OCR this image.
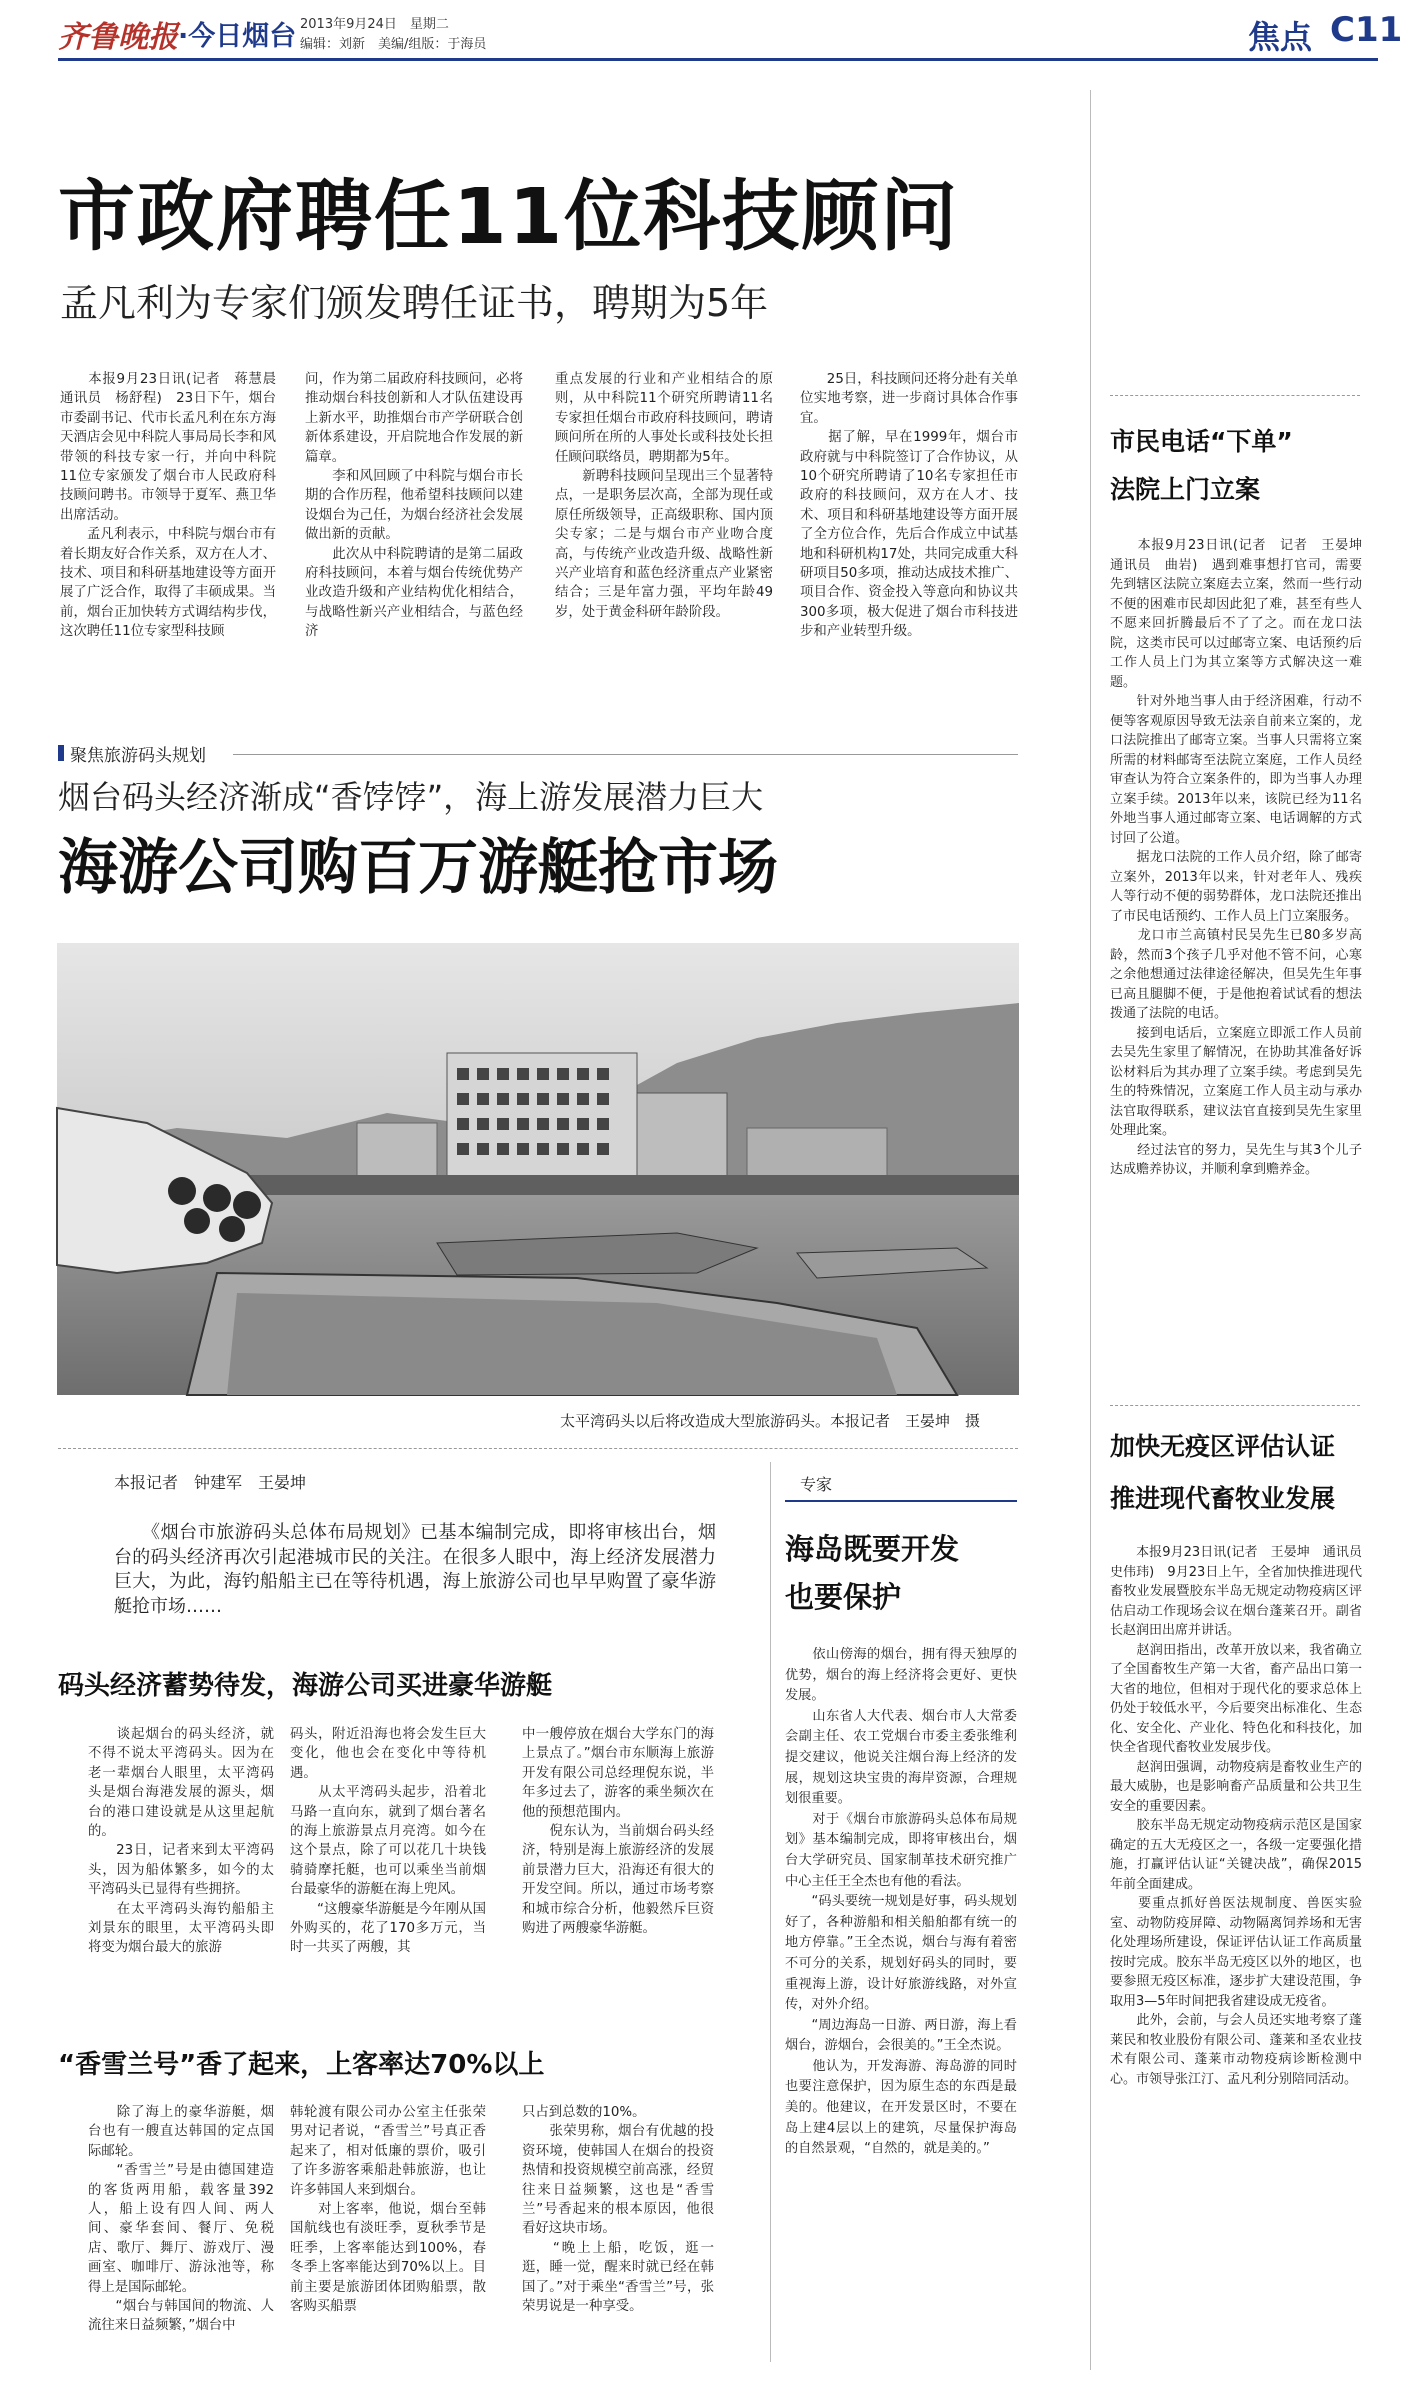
齐鲁晚报 ·今日烟台 2013年9月24日　星期二
编辑：刘新　美编/组版：于海员	焦点 C11
市政府聘任11位科技顾问
孟凡利为专家们颁发聘任证书，聘期为5年
　　本报9月23日讯(记者　蒋慧晨　通讯员　杨舒程)　23日下午，烟台市委副书记、代市长孟凡利在东方海天酒店会见中科院人事局局长李和风带领的科技专家一行，并向中科院11位专家颁发了烟台市人民政府科技顾问聘书。市领导于夏军、燕卫华出席活动。
　　孟凡利表示，中科院与烟台市有着长期友好合作关系，双方在人才、技术、项目和科研基地建设等方面开展了广泛合作，取得了丰硕成果。当前，烟台正加快转方式调结构步伐，这次聘任11位专家型科技顾
问，作为第二届政府科技顾问，必将推动烟台科技创新和人才队伍建设再上新水平，助推烟台市产学研联合创新体系建设，开启院地合作发展的新篇章。
　　李和风回顾了中科院与烟台市长期的合作历程，他希望科技顾问以建设烟台为己任，为烟台经济社会发展做出新的贡献。
　　此次从中科院聘请的是第二届政府科技顾问，本着与烟台传统优势产业改造升级和产业结构优化相结合，与战略性新兴产业相结合，与蓝色经济
重点发展的行业和产业相结合的原则，从中科院11个研究所聘请11名专家担任烟台市政府科技顾问，聘请顾问所在所的人事处长或科技处长担任顾问联络员，聘期都为5年。
　　新聘科技顾问呈现出三个显著特点，一是职务层次高，全部为现任或原任所级领导，正高级职称、国内顶尖专家；二是与烟台市产业吻合度高，与传统产业改造升级、战略性新兴产业培育和蓝色经济重点产业紧密结合；三是年富力强，平均年龄49岁，处于黄金科研年龄阶段。
　　25日，科技顾问还将分赴有关单位实地考察，进一步商讨具体合作事宜。
　　据了解，早在1999年，烟台市政府就与中科院签订了合作协议，从10个研究所聘请了10名专家担任市政府的科技顾问，双方在人才、技术、项目和科研基地建设等方面开展了全方位合作，先后合作成立中试基地和科研机构17处，共同完成重大科研项目50多项，推动达成技术推广、项目合作、资金投入等意向和协议共300多项，极大促进了烟台市科技进步和产业转型升级。
聚焦旅游码头规划
烟台码头经济渐成“香饽饽”，海上游发展潜力巨大
海游公司购百万游艇抢市场
太平湾码头以后将改造成大型旅游码头。本报记者　王晏坤　摄
本报记者　钟建军　王晏坤
　　《烟台市旅游码头总体布局规划》已基本编制完成，即将审核出台，烟台的码头经济再次引起港城市民的关注。在很多人眼中，海上经济发展潜力巨大，为此，海钓船船主已在等待机遇，海上旅游公司也早早购置了豪华游艇抢市场……
码头经济蓄势待发，海游公司买进豪华游艇
　　谈起烟台的码头经济，就不得不说太平湾码头。因为在老一辈烟台人眼里，太平湾码头是烟台海港发展的源头，烟台的港口建设就是从这里起航的。
　　23日，记者来到太平湾码头，因为船体繁多，如今的太平湾码头已显得有些拥挤。
　　在太平湾码头海钓船船主刘景东的眼里，太平湾码头即将变为烟台最大的旅游
码头，附近沿海也将会发生巨大变化，他也会在变化中等待机遇。
　　从太平湾码头起步，沿着北马路一直向东，就到了烟台著名的海上旅游景点月亮湾。如今在这个景点，除了可以花几十块钱骑骑摩托艇，也可以乘坐当前烟台最豪华的游艇在海上兜风。
　　“这艘豪华游艇是今年刚从国外购买的，花了170多万元，当时一共买了两艘，其
中一艘停放在烟台大学东门的海上景点了。”烟台市东顺海上旅游开发有限公司总经理倪东说，半年多过去了，游客的乘坐频次在他的预想范围内。
　　倪东认为，当前烟台码头经济，特别是海上旅游经济的发展前景潜力巨大，沿海还有很大的开发空间。所以，通过市场考察和城市综合分析，他毅然斥巨资购进了两艘豪华游艇。
“香雪兰号”香了起来，上客率达70%以上
　　除了海上的豪华游艇，烟台也有一艘直达韩国的定点国际邮轮。
　　“香雪兰”号是由德国建造的客货两用船，载客量392人，船上设有四人间、两人间、豪华套间、餐厅、免税店、歌厅、舞厅、游戏厅、漫画室、咖啡厅、游泳池等，称得上是国际邮轮。
　　“烟台与韩国间的物流、人流往来日益频繁，”烟台中
韩轮渡有限公司办公室主任张荣男对记者说，“香雪兰”号真正香起来了，相对低廉的票价，吸引了许多游客乘船赴韩旅游，也让许多韩国人来到烟台。
　　对上客率，他说，烟台至韩国航线也有淡旺季，夏秋季节是旺季，上客率能达到100%，春冬季上客率能达到70%以上。目前主要是旅游团体团购船票，散客购买船票
只占到总数的10%。
　　张荣男称，烟台有优越的投资环境，使韩国人在烟台的投资热情和投资规模空前高涨，经贸往来日益频繁，这也是“香雪兰”号香起来的根本原因，他很看好这块市场。
　　“晚上上船，吃饭，逛一逛，睡一觉，醒来时就已经在韩国了。”对于乘坐“香雪兰”号，张荣男说是一种享受。
专家
海岛既要开发
也要保护
　　依山傍海的烟台，拥有得天独厚的优势，烟台的海上经济将会更好、更快发展。
　　山东省人大代表、烟台市人大常委会副主任、农工党烟台市委主委张维利提交建议，他说关注烟台海上经济的发展，规划这块宝贵的海岸资源，合理规划很重要。
　　对于《烟台市旅游码头总体布局规划》基本编制完成，即将审核出台，烟台大学研究员、国家制革技术研究推广中心主任王全杰也有他的看法。
　　“码头要统一规划是好事，码头规划好了，各种游船和相关船舶都有统一的地方停靠。”王全杰说，烟台与海有着密不可分的关系，规划好码头的同时，要重视海上游，设计好旅游线路，对外宣传，对外介绍。
　　“周边海岛一日游、两日游，海上看烟台，游烟台，会很美的。”王全杰说。
　　他认为，开发海游、海岛游的同时也要注意保护，因为原生态的东西是最美的。他建议，在开发景区时，不要在岛上建4层以上的建筑，尽量保护海岛的自然景观，“自然的，就是美的。”
市民电话“下单”
法院上门立案
　　本报9月23日讯(记者　记者　王晏坤　通讯员　曲岩)　遇到难事想打官司，需要先到辖区法院立案庭去立案，然而一些行动不便的困难市民却因此犯了难，甚至有些人不愿来回折腾最后不了了之。而在龙口法院，这类市民可以过邮寄立案、电话预约后工作人员上门为其立案等方式解决这一难题。
　　针对外地当事人由于经济困难，行动不便等客观原因导致无法亲自前来立案的，龙口法院推出了邮寄立案。当事人只需将立案所需的材料邮寄至法院立案庭，工作人员经审查认为符合立案条件的，即为当事人办理立案手续。2013年以来，该院已经为11名外地当事人通过邮寄立案、电话调解的方式讨回了公道。
　　据龙口法院的工作人员介绍，除了邮寄立案外，2013年以来，针对老年人、残疾人等行动不便的弱势群体，龙口法院还推出了市民电话预约、工作人员上门立案服务。
　　龙口市兰高镇村民吴先生已80多岁高龄，然而3个孩子几乎对他不管不问，心寒之余他想通过法律途径解决，但吴先生年事已高且腿脚不便，于是他抱着试试看的想法拨通了法院的电话。
　　接到电话后，立案庭立即派工作人员前去吴先生家里了解情况，在协助其准备好诉讼材料后为其办理了立案手续。考虑到吴先生的特殊情况，立案庭工作人员主动与承办法官取得联系，建议法官直接到吴先生家里处理此案。
　　经过法官的努力，吴先生与其3个儿子达成赡养协议，并顺利拿到赡养金。
加快无疫区评估认证
推进现代畜牧业发展
　　本报9月23日讯(记者　王晏坤　通讯员　史伟玮)　9月23日上午，全省加快推进现代畜牧业发展暨胶东半岛无规定动物疫病区评估启动工作现场会议在烟台蓬莱召开。副省长赵润田出席并讲话。
　　赵润田指出，改革开放以来，我省确立了全国畜牧生产第一大省，畜产品出口第一大省的地位，但相对于现代化的要求总体上仍处于较低水平，今后要突出标准化、生态化、安全化、产业化、特色化和科技化，加快全省现代畜牧业发展步伐。
　　赵润田强调，动物疫病是畜牧业生产的最大威胁，也是影响畜产品质量和公共卫生安全的重要因素。
　　胶东半岛无规定动物疫病示范区是国家确定的五大无疫区之一，各级一定要强化措施，打赢评估认证“关键决战”，确保2015年前全面建成。
　　要重点抓好兽医法规制度、兽医实验室、动物防疫屏障、动物隔离饲养场和无害化处理场所建设，保证评估认证工作高质量按时完成。胶东半岛无疫区以外的地区，也要参照无疫区标准，逐步扩大建设范围，争取用3—5年时间把我省建设成无疫省。
　　此外，会前，与会人员还实地考察了蓬莱民和牧业股份有限公司、蓬莱和圣农业技术有限公司、蓬莱市动物疫病诊断检测中心。市领导张江汀、孟凡利分别陪同活动。
